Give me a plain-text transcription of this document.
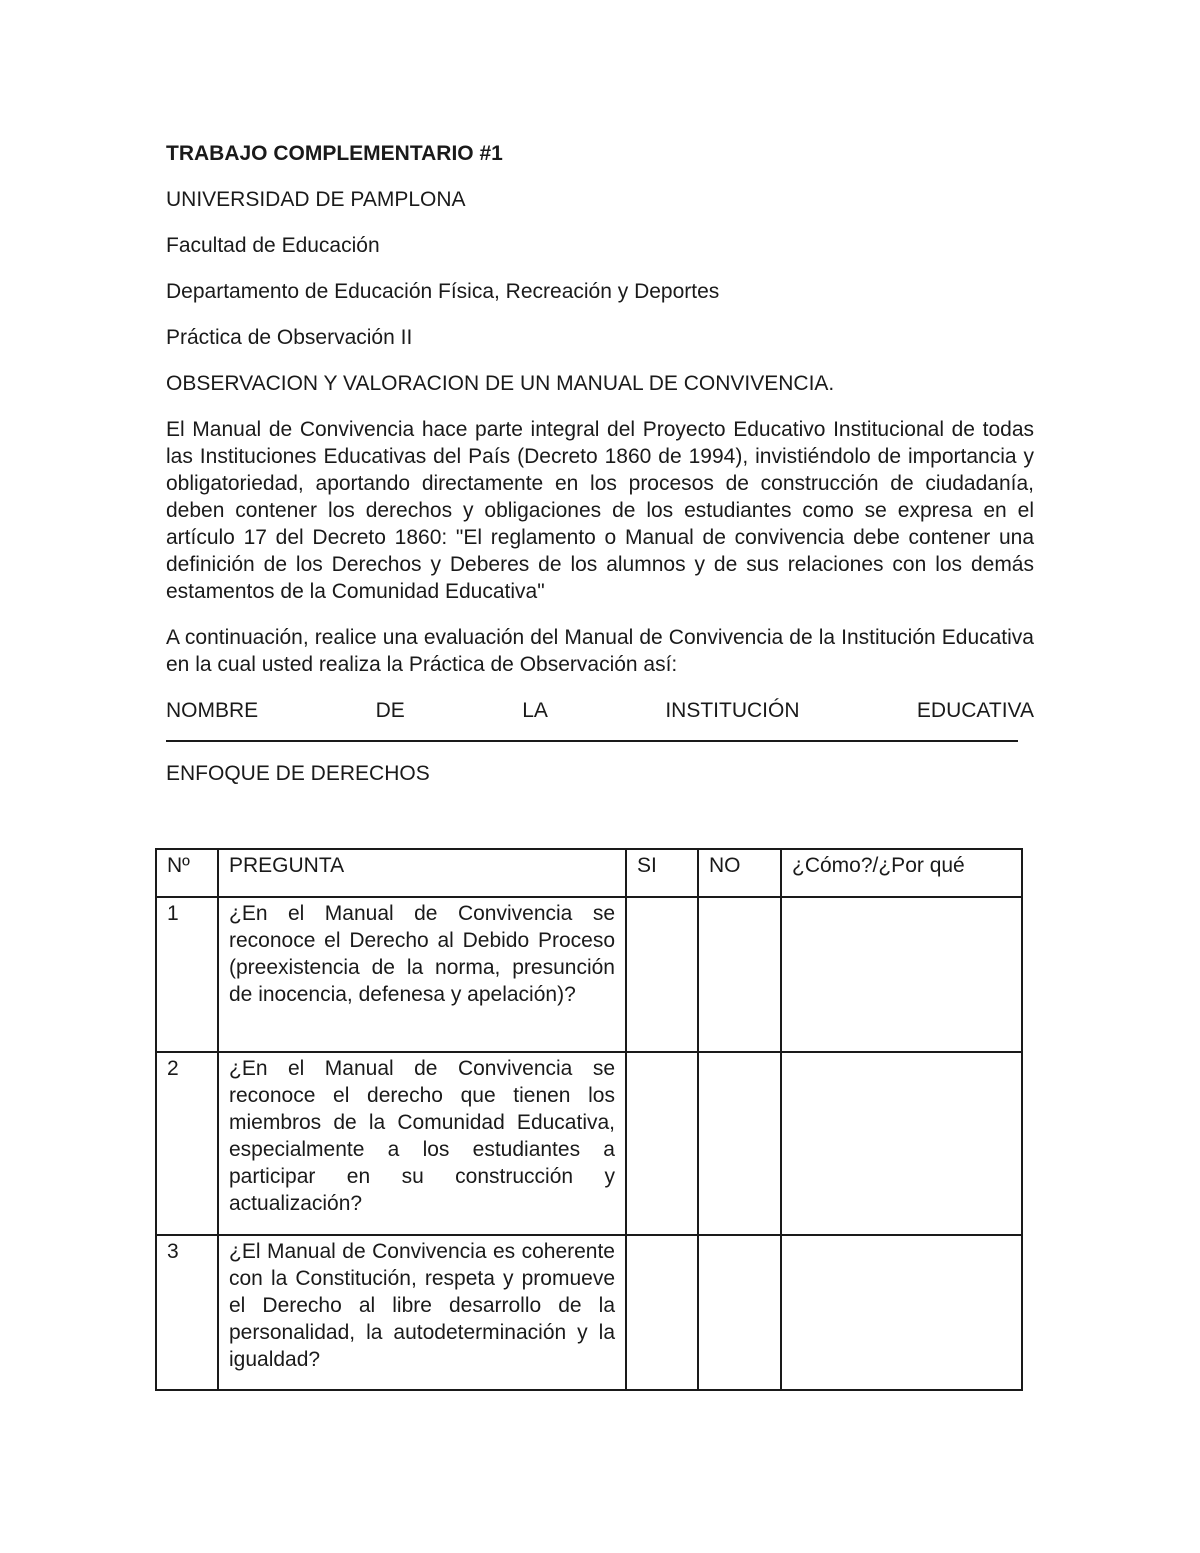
TRABAJO COMPLEMENTARIO #1
UNIVERSIDAD DE PAMPLONA
Facultad de Educación
Departamento de Educación Física, Recreación y Deportes
Práctica de Observación II
OBSERVACION Y VALORACION DE UN MANUAL DE CONVIVENCIA.
El Manual de Convivencia hace parte integral del Proyecto Educativo Institucional de todas las Instituciones Educativas del País (Decreto 1860 de 1994), invistiéndolo de importancia y obligatoriedad, aportando directamente en los procesos de construcción de ciudadanía, deben contener los derechos y obligaciones de los estudiantes como se expresa en el artículo 17 del Decreto 1860: "El reglamento o Manual de convivencia debe contener una definición de los Derechos y Deberes de los alumnos y de sus relaciones con los demás estamentos de la Comunidad Educativa"
A continuación, realice una evaluación del Manual de Convivencia de la Institución Educativa en la cual usted realiza la Práctica de Observación así:
NOMBRE	DE	LA	INSTITUCIÓN	EDUCATIVA
ENFOQUE DE DERECHOS
Nº	PREGUNTA	SI	NO	¿Cómo?/¿Por qué
1	¿En el Manual de Convivencia se reconoce el Derecho al Debido Proceso (preexistencia de la norma, presunción de inocencia, defenesa y apelación)?			
2	¿En el Manual de Convivencia se reconoce el derecho que tienen los miembros de la Comunidad Educativa, especialmente a los estudiantes a participar en su construcción y actualización?			
3	¿El Manual de Convivencia es coherente con la Constitución, respeta y promueve el Derecho al libre desarrollo de la personalidad, la autodeterminación y la igualdad?			
